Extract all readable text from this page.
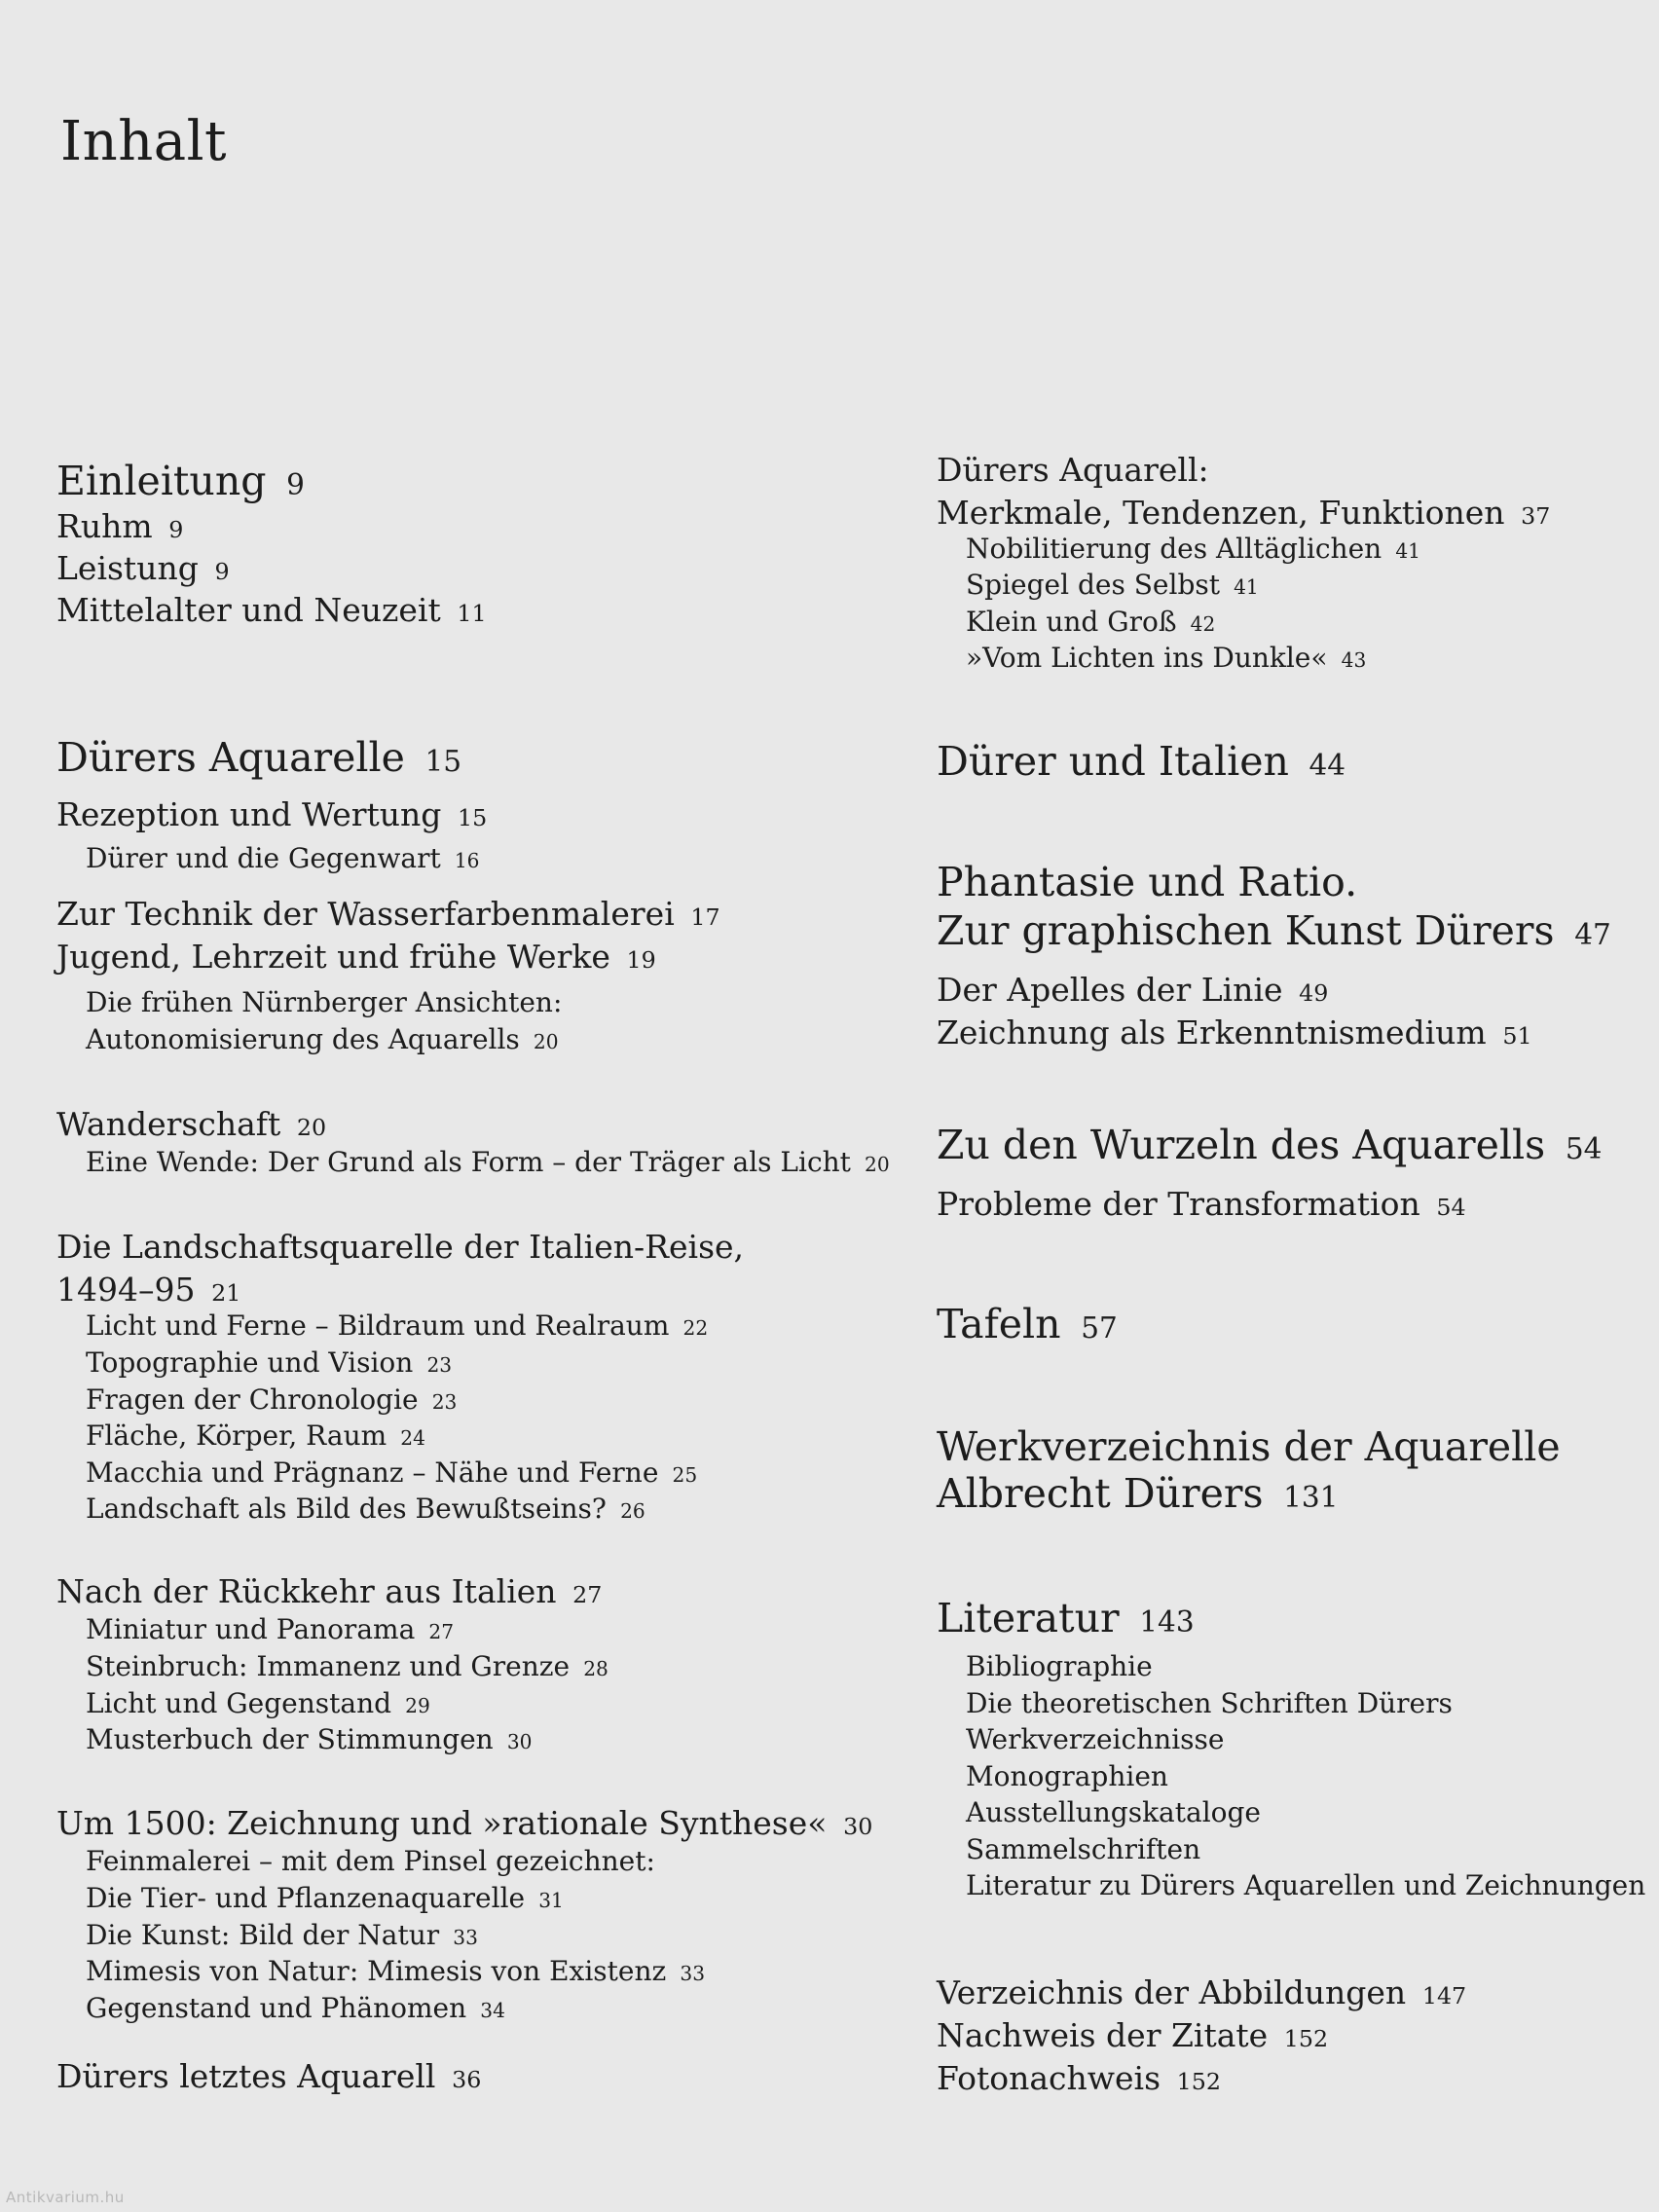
Inhalt
Einleitung 9
Ruhm 9
Leistung 9
Mittelalter und Neuzeit 11
Dürers Aquarelle 15
Rezeption und Wertung 15
Dürer und die Gegenwart 16
Zur Technik der Wasserfarbenmalerei 17
Jugend, Lehrzeit und frühe Werke 19
Die frühen Nürnberger Ansichten:
Autonomisierung des Aquarells 20
Wanderschaft 20
Eine Wende: Der Grund als Form – der Träger als Licht 20
Die Landschaftsquarelle der Italien-Reise,
1494–95 21
Licht und Ferne – Bildraum und Realraum 22
Topographie und Vision 23
Fragen der Chronologie 23
Fläche, Körper, Raum 24
Macchia und Prägnanz – Nähe und Ferne 25
Landschaft als Bild des Bewußtseins? 26
Nach der Rückkehr aus Italien 27
Miniatur und Panorama 27
Steinbruch: Immanenz und Grenze 28
Licht und Gegenstand 29
Musterbuch der Stimmungen 30
Um 1500: Zeichnung und »rationale Synthese« 30
Feinmalerei – mit dem Pinsel gezeichnet:
Die Tier- und Pflanzenaquarelle 31
Die Kunst: Bild der Natur 33
Mimesis von Natur: Mimesis von Existenz 33
Gegenstand und Phänomen 34
Dürers letztes Aquarell 36
Dürers Aquarell:
Merkmale, Tendenzen, Funktionen 37
Nobilitierung des Alltäglichen 41
Spiegel des Selbst 41
Klein und Groß 42
»Vom Lichten ins Dunkle« 43
Dürer und Italien 44
Phantasie und Ratio.
Zur graphischen Kunst Dürers 47
Der Apelles der Linie 49
Zeichnung als Erkenntnismedium 51
Zu den Wurzeln des Aquarells 54
Probleme der Transformation 54
Tafeln 57
Werkverzeichnis der Aquarelle
Albrecht Dürers 131
Literatur 143
Bibliographie
Die theoretischen Schriften Dürers
Werkverzeichnisse
Monographien
Ausstellungskataloge
Sammelschriften
Literatur zu Dürers Aquarellen und Zeichnungen
Verzeichnis der Abbildungen 147
Nachweis der Zitate 152
Fotonachweis 152
Antikvarium.hu
